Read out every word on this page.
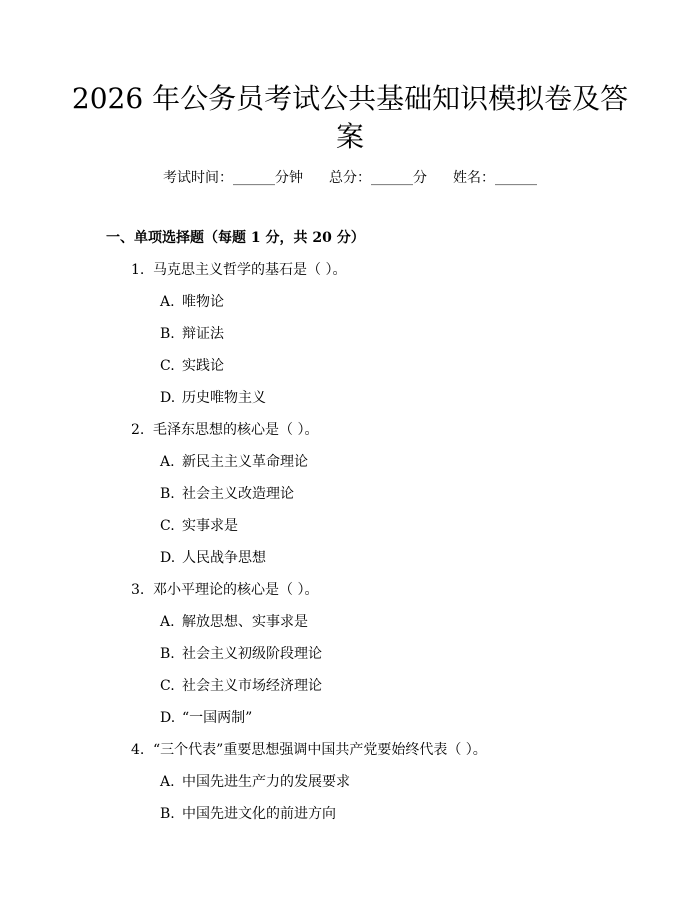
2026 年公务员考试公共基础知识模拟卷及答
案
考试时间：______分钟 总分：______分 姓名：______
一、单项选择题（每题 1 分，共 20 分）
1. 马克思主义哲学的基石是（ ）。
A. 唯物论
B. 辩证法
C. 实践论
D. 历史唯物主义
2. 毛泽东思想的核心是（ ）。
A. 新民主主义革命理论
B. 社会主义改造理论
C. 实事求是
D. 人民战争思想
3. 邓小平理论的核心是（ ）。
A. 解放思想、实事求是
B. 社会主义初级阶段理论
C. 社会主义市场经济理论
D. “一国两制”
4. “三个代表”重要思想强调中国共产党要始终代表（ ）。
A. 中国先进生产力的发展要求
B. 中国先进文化的前进方向
